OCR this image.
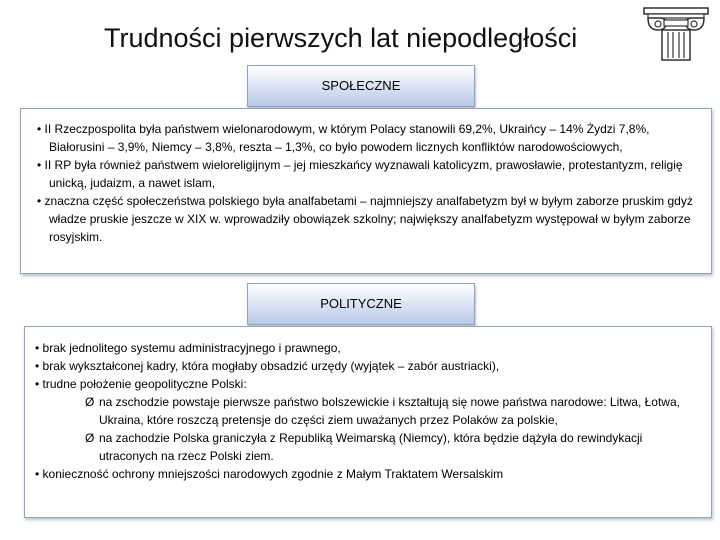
Trudności pierwszych lat niepodległości
SPOŁECZNE

• II Rzeczpospolita była państwem wielonarodowym, w którym Polacy stanowili 69,2%, Ukraińcy – 14% Żydzi 7,8%, Białorusini – 3,9%, Niemcy – 3,8%, reszta – 1,3%, co było powodem licznych konfliktów narodowościowych,

• II RP była również państwem wieloreligijnym – jej mieszkańcy wyznawali katolicyzm, prawosławie, protestantyzm, religię unicką, judaizm, a nawet islam,

• znaczna część społeczeństwa polskiego była analfabetami – najmniejszy analfabetyzm był w byłym zaborze pruskim gdyż władze pruskie jeszcze w XIX w. wprowadziły obowiązek szkolny; największy analfabetyzm występował w byłym zaborze rosyjskim.

POLITYCZNE

• brak jednolitego systemu administracyjnego i prawnego,

• brak wykształconej kadry, która mogłaby obsadzić urzędy (wyjątek – zabór austriacki),

• trudne położenie geopolityczne Polski:

Ø na zschodzie powstaje pierwsze państwo bolszewickie i kształtują się nowe państwa narodowe: Litwa, Łotwa, Ukraina, które roszczą pretensje do części ziem uważanych przez Polaków za polskie,

Ø na zachodzie Polska graniczyła z Republiką Weimarską (Niemcy), która będzie dążyła do rewindykacji utraconych na rzecz Polski ziem.

• konieczność ochrony mniejszości narodowych zgodnie z Małym Traktatem Wersalskim
